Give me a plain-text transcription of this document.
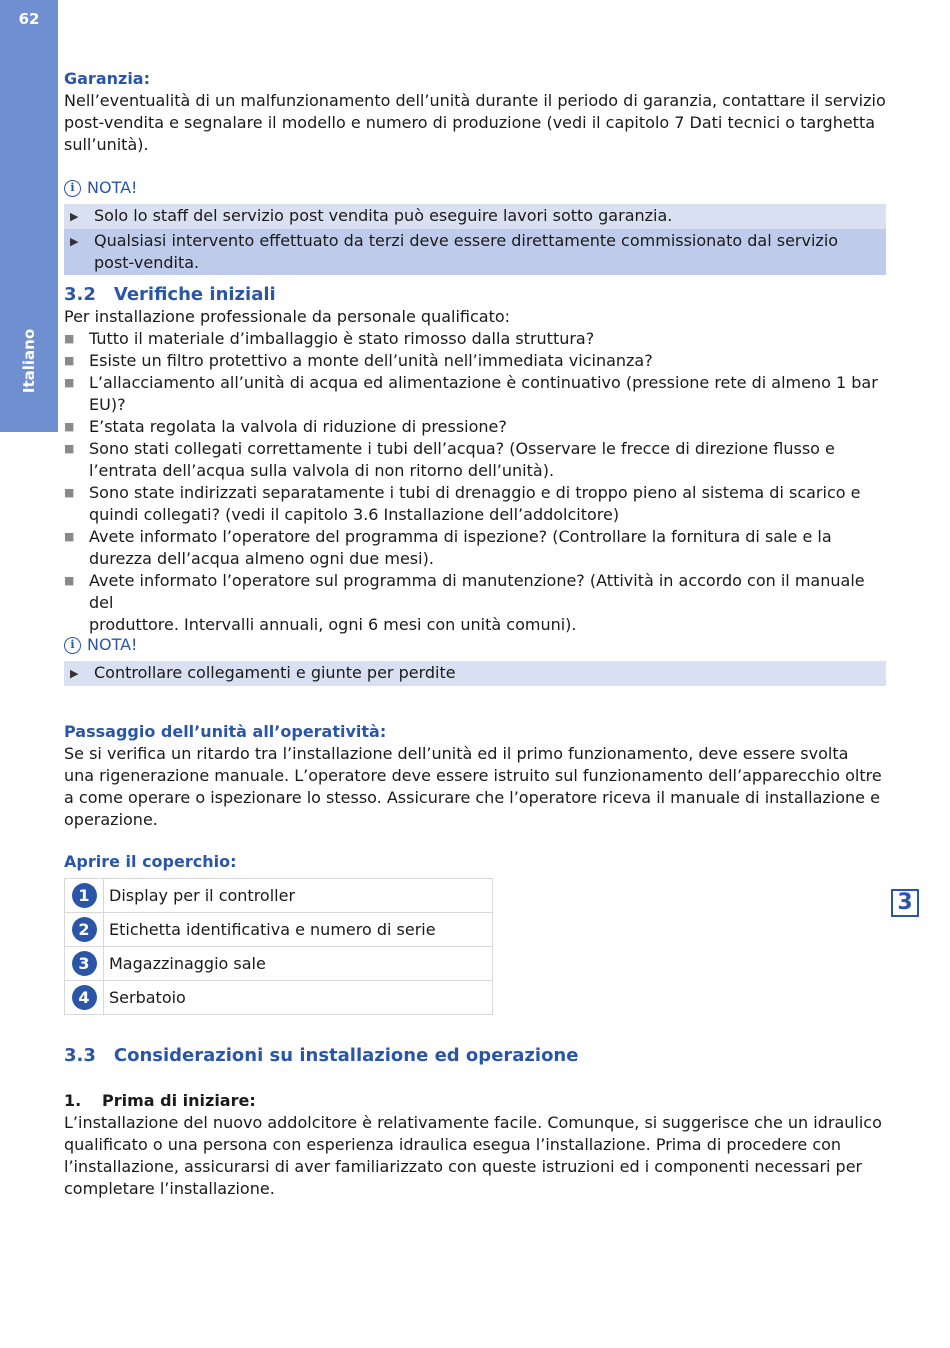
62
Italiano
3
Garanzia:
Nell’eventualità di un malfunzionamento dell’unità durante il periodo di garanzia, contattare il servizio
post-vendita e segnalare il modello e numero di produzione (vedi il capitolo 7 Dati tecnici o targhetta
sull’unità).
i NOTA!
▶ Solo lo staff del servizio post vendita può eseguire lavori sotto garanzia.
▶ Qualsiasi intervento effettuato da terzi deve essere direttamente commissionato dal servizio
post-vendita.
3.2 Verifiche iniziali
Per installazione professionale da personale qualificato:
■ Tutto il materiale d’imballaggio è stato rimosso dalla struttura?
■ Esiste un filtro protettivo a monte dell’unità nell’immediata vicinanza?
■ L’allacciamento all’unità di acqua ed alimentazione è continuativo (pressione rete di almeno 1 bar
EU)?
■ E’stata regolata la valvola di riduzione di pressione?
■ Sono stati collegati correttamente i tubi dell’acqua? (Osservare le frecce di direzione flusso e
l’entrata dell’acqua sulla valvola di non ritorno dell’unità).
■ Sono state indirizzati separatamente i tubi di drenaggio e di troppo pieno al sistema di scarico e
quindi collegati? (vedi il capitolo 3.6 Installazione dell’addolcitore)
■ Avete informato l’operatore del programma di ispezione? (Controllare la fornitura di sale e la
durezza dell’acqua almeno ogni due mesi).
■ Avete informato l’operatore sul programma di manutenzione? (Attività in accordo con il manuale del
produttore. Intervalli annuali, ogni 6 mesi con unità comuni).
i NOTA!
▶ Controllare collegamenti e giunte per perdite
Passaggio dell’unità all’operatività:
Se si verifica un ritardo tra l’installazione dell’unità ed il primo funzionamento, deve essere svolta
una rigenerazione manuale. L’operatore deve essere istruito sul funzionamento dell’apparecchio oltre
a come operare o ispezionare lo stesso. Assicurare che l’operatore riceva il manuale di installazione e
operazione.
Aprire il coperchio:
1	Display per il controller
2	Etichetta identificativa e numero di serie
3	Magazzinaggio sale
4	Serbatoio
3.3 Considerazioni su installazione ed operazione
1.	Prima di iniziare:
L’installazione del nuovo addolcitore è relativamente facile. Comunque, si suggerisce che un idraulico
qualificato o una persona con esperienza idraulica esegua l’installazione. Prima di procedere con
l’installazione, assicurarsi di aver familiarizzato con queste istruzioni ed i componenti necessari per
completare l’installazione.
